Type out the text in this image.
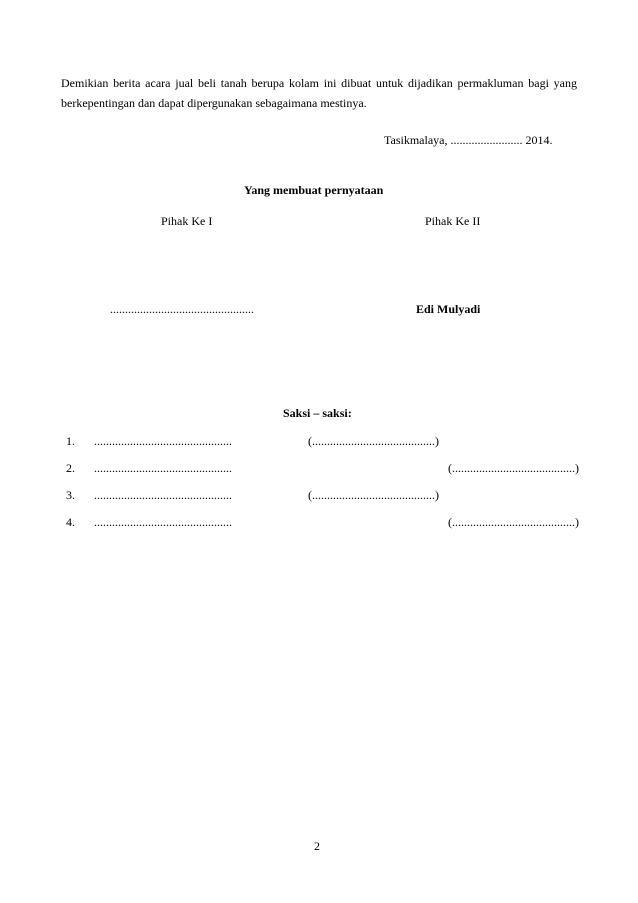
Demikian berita acara jual beli tanah berupa kolam ini dibuat untuk dijadikan permakluman bagi yang berkepentingan dan dapat dipergunakan sebagaimana mestinya.
Tasikmalaya, ........................ 2014.
Yang membuat pernyataan
Pihak Ke I	Pihak Ke II
................................................	Edi Mulyadi
Saksi – saksi:
1. ..............................................	(.........................................)
2. ..............................................	(.........................................)
3. ..............................................	(.........................................)
4. ..............................................	(.........................................)
2
